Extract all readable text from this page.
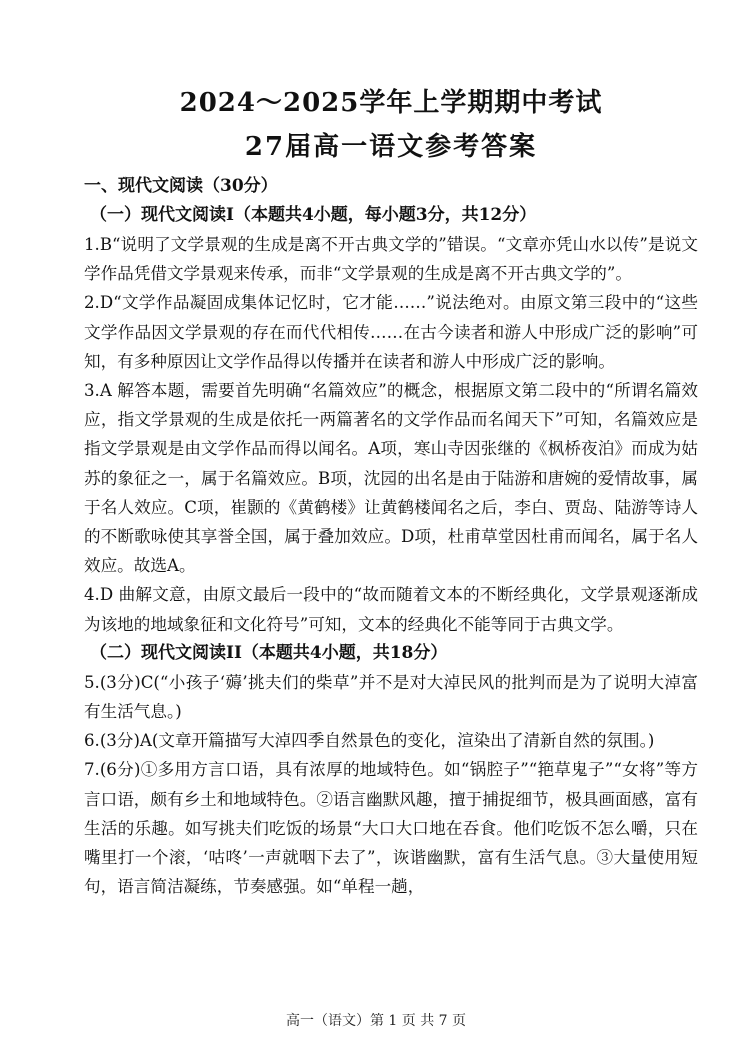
2024～2025学年上学期期中考试
27届高一语文参考答案
一、现代文阅读（30分）
（一）现代文阅读I（本题共4小题，每小题3分，共12分）

1.B“说明了文学景观的生成是离不开古典文学的”错误。“文章亦凭山水以传”是说文学作品凭借文学景观来传承，而非“文学景观的生成是离不开古典文学的”。

2.D“文学作品凝固成集体记忆时，它才能……”说法绝对。由原文第三段中的“这些文学作品因文学景观的存在而代代相传……在古今读者和游人中形成广泛的影响”可知，有多种原因让文学作品得以传播并在读者和游人中形成广泛的影响。

3.A 解答本题，需要首先明确“名篇效应”的概念，根据原文第二段中的“所谓名篇效应，指文学景观的生成是依托一两篇著名的文学作品而名闻天下”可知，名篇效应是指文学景观是由文学作品而得以闻名。A项，寒山寺因张继的《枫桥夜泊》而成为姑苏的象征之一，属于名篇效应。B项，沈园的出名是由于陆游和唐婉的爱情故事，属于名人效应。C项，崔颢的《黄鹤楼》让黄鹤楼闻名之后，李白、贾岛、陆游等诗人的不断歌咏使其享誉全国，属于叠加效应。D项，杜甫草堂因杜甫而闻名，属于名人效应。故选A。

4.D 曲解文意，由原文最后一段中的“故而随着文本的不断经典化，文学景观逐渐成为该地的地域象征和文化符号”可知，文本的经典化不能等同于古典文学。

（二）现代文阅读II（本题共4小题，共18分）

5.(3分)C(“小孩子‘薅’挑夫们的柴草”并不是对大淖民风的批判而是为了说明大淖富有生活气息。)

6.(3分)A(文章开篇描写大淖四季自然景色的变化，渲染出了清新自然的氛围。)

7.(6分)①多用方言口语，具有浓厚的地域特色。如“锅腔子”“筢草鬼子”“女将”等方言口语，颇有乡土和地域特色。②语言幽默风趣，擅于捕捉细节，极具画面感，富有生活的乐趣。如写挑夫们吃饭的场景“大口大口地在吞食。他们吃饭不怎么嚼，只在嘴里打一个滚，‘咕咚’一声就咽下去了”，诙谐幽默，富有生活气息。③大量使用短句，语言简洁凝练，节奏感强。如“单程一趟，

高一（语文）第 1 页 共 7 页
